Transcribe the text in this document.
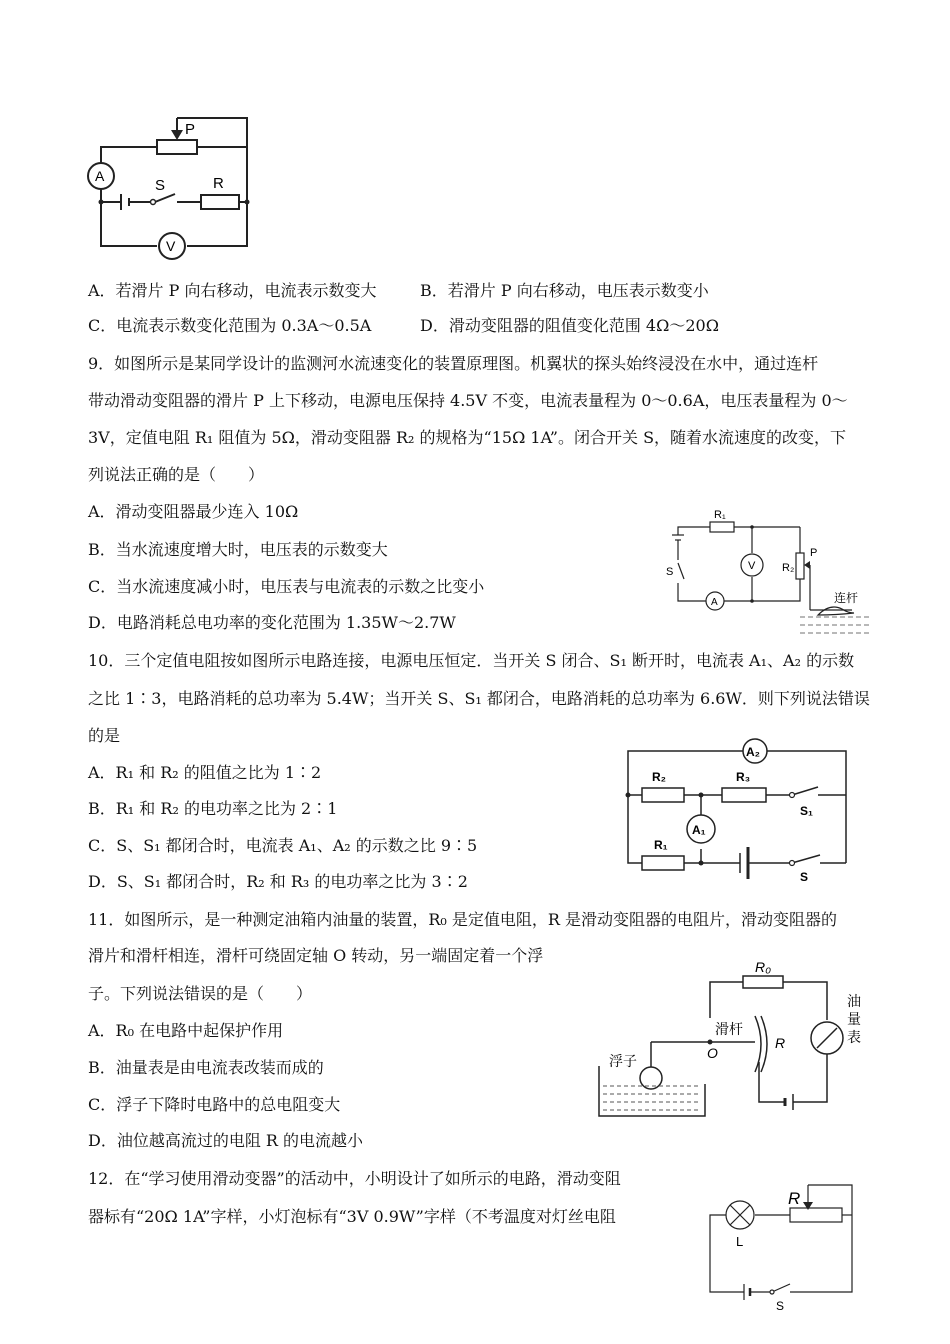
P
A
S	R
V
A．若滑片 P 向右移动，电流表示数变大	B．若滑片 P 向右移动，电压表示数变小
C．电流表示数变化范围为 0.3A～0.5A	D．滑动变阻器的阻值变化范围 4Ω～20Ω
9．如图所示是某同学设计的监测河水流速变化的装置原理图。机翼状的探头始终浸没在水中，通过连杆
带动滑动变阻器的滑片 P 上下移动，电源电压保持 4.5V 不变，电流表量程为 0～0.6A，电压表量程为 0～
3V，定值电阻 R₁ 阻值为 5Ω，滑动变阻器 R₂ 的规格为“15Ω 1A”。闭合开关 S，随着水流速度的改变，下
列说法正确的是（　　）
A．滑动变阻器最少连入 10Ω
B．当水流速度增大时，电压表的示数变大
C．当水流速度减小时，电压表与电流表的示数之比变小
D．电路消耗总电功率的变化范围为 1.35W～2.7W
R₁
V R₂
P
S
A	连杆
10．三个定值电阻按如图所示电路连接，电源电压恒定．当开关 S 闭合、S₁ 断开时，电流表 A₁、A₂ 的示数
之比 1∶3，电路消耗的总功率为 5.4W；当开关 S、S₁ 都闭合，电路消耗的总功率为 6.6W．则下列说法错误
的是
A．R₁ 和 R₂ 的阻值之比为 1∶2
B．R₁ 和 R₂ 的电功率之比为 2∶1
C．S、S₁ 都闭合时，电流表 A₁、A₂ 的示数之比 9∶5
D．S、S₁ 都闭合时，R₂ 和 R₃ 的电功率之比为 3∶2
A₂
R₂	R₃
S₁
A₁
R₁
S
11．如图所示，是一种测定油箱内油量的装置，R₀ 是定值电阻，R 是滑动变阻器的电阻片，滑动变阻器的
滑片和滑杆相连，滑杆可绕固定轴 O 转动，另一端固定着一个浮
子。下列说法错误的是（　　）
A．R₀ 在电路中起保护作用
B．油量表是由电流表改装而成的
C．浮子下降时电路中的总电阻变大
D．油位越高流过的电阻 R 的电流越小
R₀
浮子
滑杆
O
R
油
量
表
12．在“学习使用滑动变器”的活动中，小明设计了如所示的电路，滑动变阻
器标有“20Ω 1A”字样，小灯泡标有“3V 0.9W”字样（不考温度对灯丝电阻
R
L
S
